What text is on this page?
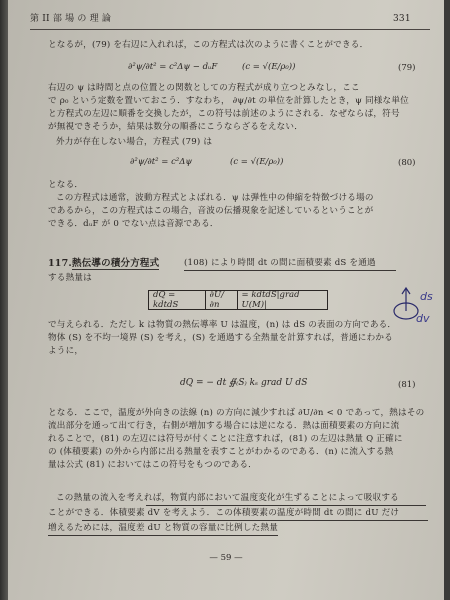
第 II 部 場 の 理 論	331
となるが，(79) を右辺に入れれば，この方程式は次のように書くことができる．
∂²ψ/∂t² = c²Δψ − dᵤF	(c = √(E/ρ₀))	(79)
右辺の ψ は時間と点の位置との関数としての方程式が成り立つとみなし，ここ
で ρ₀ という定数を置いておこう．すなわち， ∂ψ/∂t の単位を計算したとき，ψ 同様な単位
と方程式の左辺に順番を交換したが，この符号は前述のようにされる．なぜならば，符号
が無視できそうか，結果は数分の順番にこうならざるをえない．
外力が存在しない場合，方程式 (79) は
∂²ψ/∂t² = c²Δψ	(c = √(E/ρ₀))	(80)
となる．
この方程式は通常，波動方程式とよばれる．ψ は弾性中の伸縮を特徴づける場の
であるから，この方程式はこの場合，音波の伝播現象を記述しているということが
できる．dᵤF が 0 でない点は音源である．
117. 熱伝導の積分方程式	(108) により時間 dt の間に面積要素 dS を通過
する熱量は
dQ = kdtdS
∂U/∂n
= kdtdS|grad U(M)|
ds
dv
で与えられる．ただし k は物質の熱伝導率 U は温度，(n) は dS の表面の方向である．
物体 (S) を不均一境界 (S) を考え，(S) を通過する全熱量を計算すれば，普通にわかる
ように，
dQ = − dt ∯₍S₎ kₛ grad U dS	(81)
となる．ここで，温度が外向きの法線 (n) の方向に減少すれば ∂U/∂n < 0 であって，熱はその
流出部分を通って出て行き，右側が増加する場合には逆になる．熱は面積要素の方向に流
れることで，(81) の左辺には符号が付くことに注意すれば，(81) の左辺は熱量 Q 正確に
の (体積要素) の外から内部に出る熱量を表すことがわかるのである．(n) に流入する熱
量は公式 (81) においてはこの符号をもつのである．
この熱量の流入を考えれば，物質内部において温度変化が生ずることによって吸収する
ことができる．体積要素 dV を考えよう．この体積要素の温度が時間 dt の間に dU だけ
増えるためには，温度差 dU と物質の容量に比例した熱量
— 59 —
